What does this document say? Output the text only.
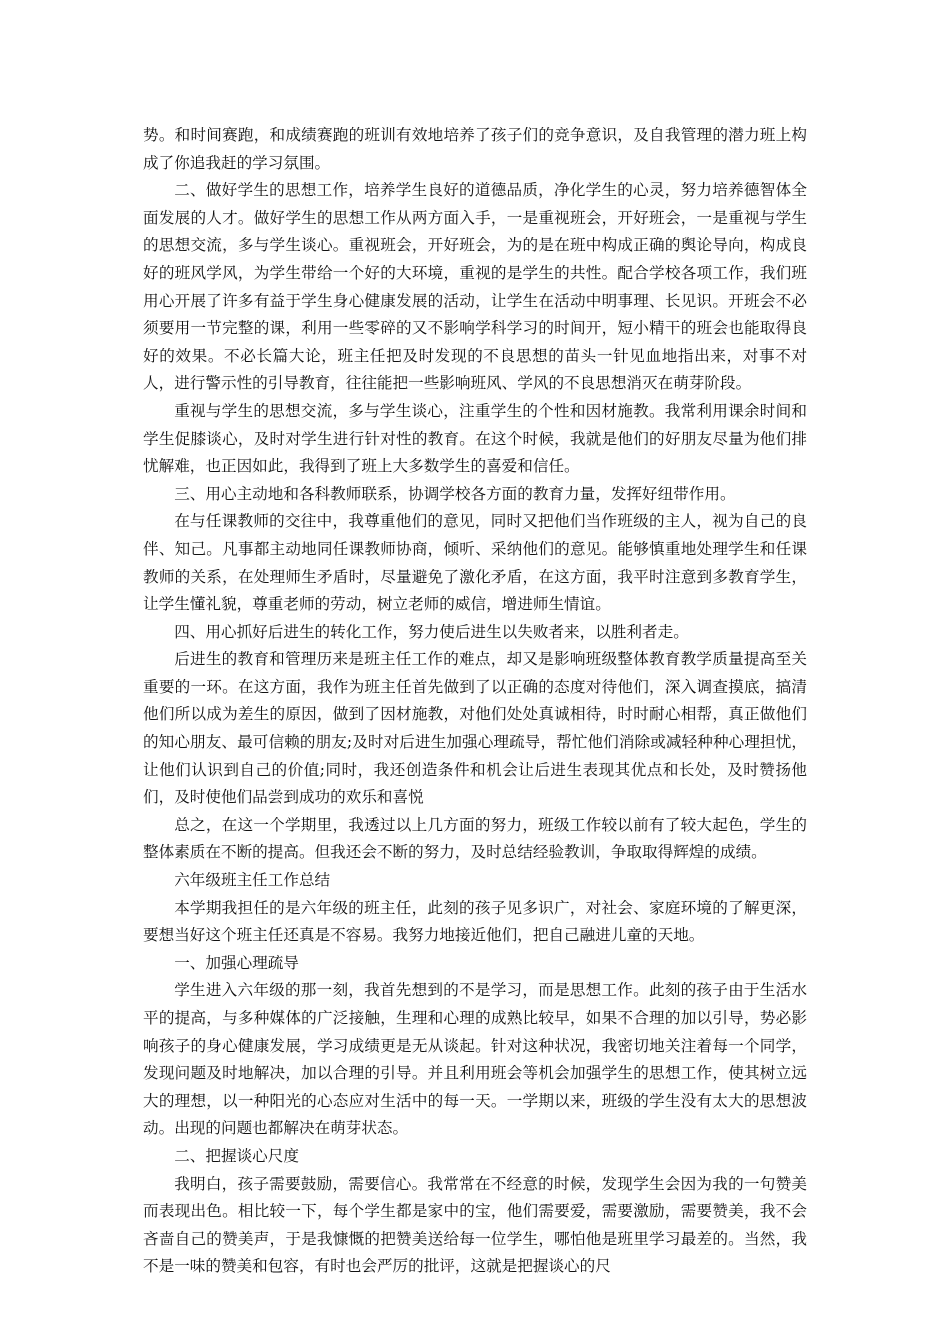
势。和时间赛跑，和成绩赛跑的班训有效地培养了孩子们的竞争意识，及自我管理的潜力班上构成了你追我赶的学习氛围。

二、做好学生的思想工作，培养学生良好的道德品质，净化学生的心灵，努力培养德智体全面发展的人才。做好学生的思想工作从两方面入手，一是重视班会，开好班会，一是重视与学生的思想交流，多与学生谈心。重视班会，开好班会，为的是在班中构成正确的舆论导向，构成良好的班风学风，为学生带给一个好的大环境，重视的是学生的共性。配合学校各项工作，我们班用心开展了许多有益于学生身心健康发展的活动，让学生在活动中明事理、长见识。开班会不必须要用一节完整的课，利用一些零碎的又不影响学科学习的时间开，短小精干的班会也能取得良好的效果。不必长篇大论，班主任把及时发现的不良思想的苗头一针见血地指出来，对事不对人，进行警示性的引导教育，往往能把一些影响班风、学风的不良思想消灭在萌芽阶段。

重视与学生的思想交流，多与学生谈心，注重学生的个性和因材施教。我常利用课余时间和学生促膝谈心，及时对学生进行针对性的教育。在这个时候，我就是他们的好朋友尽量为他们排忧解难，也正因如此，我得到了班上大多数学生的喜爱和信任。

三、用心主动地和各科教师联系，协调学校各方面的教育力量，发挥好纽带作用。

在与任课教师的交往中，我尊重他们的意见，同时又把他们当作班级的主人，视为自己的良伴、知己。凡事都主动地同任课教师协商，倾听、采纳他们的意见。能够慎重地处理学生和任课教师的关系，在处理师生矛盾时，尽量避免了激化矛盾，在这方面，我平时注意到多教育学生，让学生懂礼貌，尊重老师的劳动，树立老师的威信，增进师生情谊。

四、用心抓好后进生的转化工作，努力使后进生以失败者来，以胜利者走。

后进生的教育和管理历来是班主任工作的难点，却又是影响班级整体教育教学质量提高至关重要的一环。在这方面，我作为班主任首先做到了以正确的态度对待他们，深入调查摸底，搞清他们所以成为差生的原因，做到了因材施教，对他们处处真诚相待，时时耐心相帮，真正做他们的知心朋友、最可信赖的朋友;及时对后进生加强心理疏导，帮忙他们消除或减轻种种心理担忧，让他们认识到自己的价值;同时，我还创造条件和机会让后进生表现其优点和长处，及时赞扬他们，及时使他们品尝到成功的欢乐和喜悦

总之，在这一个学期里，我透过以上几方面的努力，班级工作较以前有了较大起色，学生的整体素质在不断的提高。但我还会不断的努力，及时总结经验教训，争取取得辉煌的成绩。

六年级班主任工作总结

本学期我担任的是六年级的班主任，此刻的孩子见多识广，对社会、家庭环境的了解更深，要想当好这个班主任还真是不容易。我努力地接近他们，把自己融进儿童的天地。

一、加强心理疏导

学生进入六年级的那一刻，我首先想到的不是学习，而是思想工作。此刻的孩子由于生活水平的提高，与多种媒体的广泛接触，生理和心理的成熟比较早，如果不合理的加以引导，势必影响孩子的身心健康发展，学习成绩更是无从谈起。针对这种状况，我密切地关注着每一个同学，发现问题及时地解决，加以合理的引导。并且利用班会等机会加强学生的思想工作，使其树立远大的理想，以一种阳光的心态应对生活中的每一天。一学期以来，班级的学生没有太大的思想波动。出现的问题也都解决在萌芽状态。

二、把握谈心尺度

我明白，孩子需要鼓励，需要信心。我常常在不经意的时候，发现学生会因为我的一句赞美而表现出色。相比较一下，每个学生都是家中的宝，他们需要爱，需要激励，需要赞美，我不会吝啬自己的赞美声，于是我慷慨的把赞美送给每一位学生，哪怕他是班里学习最差的。当然，我不是一味的赞美和包容，有时也会严厉的批评，这就是把握谈心的尺
